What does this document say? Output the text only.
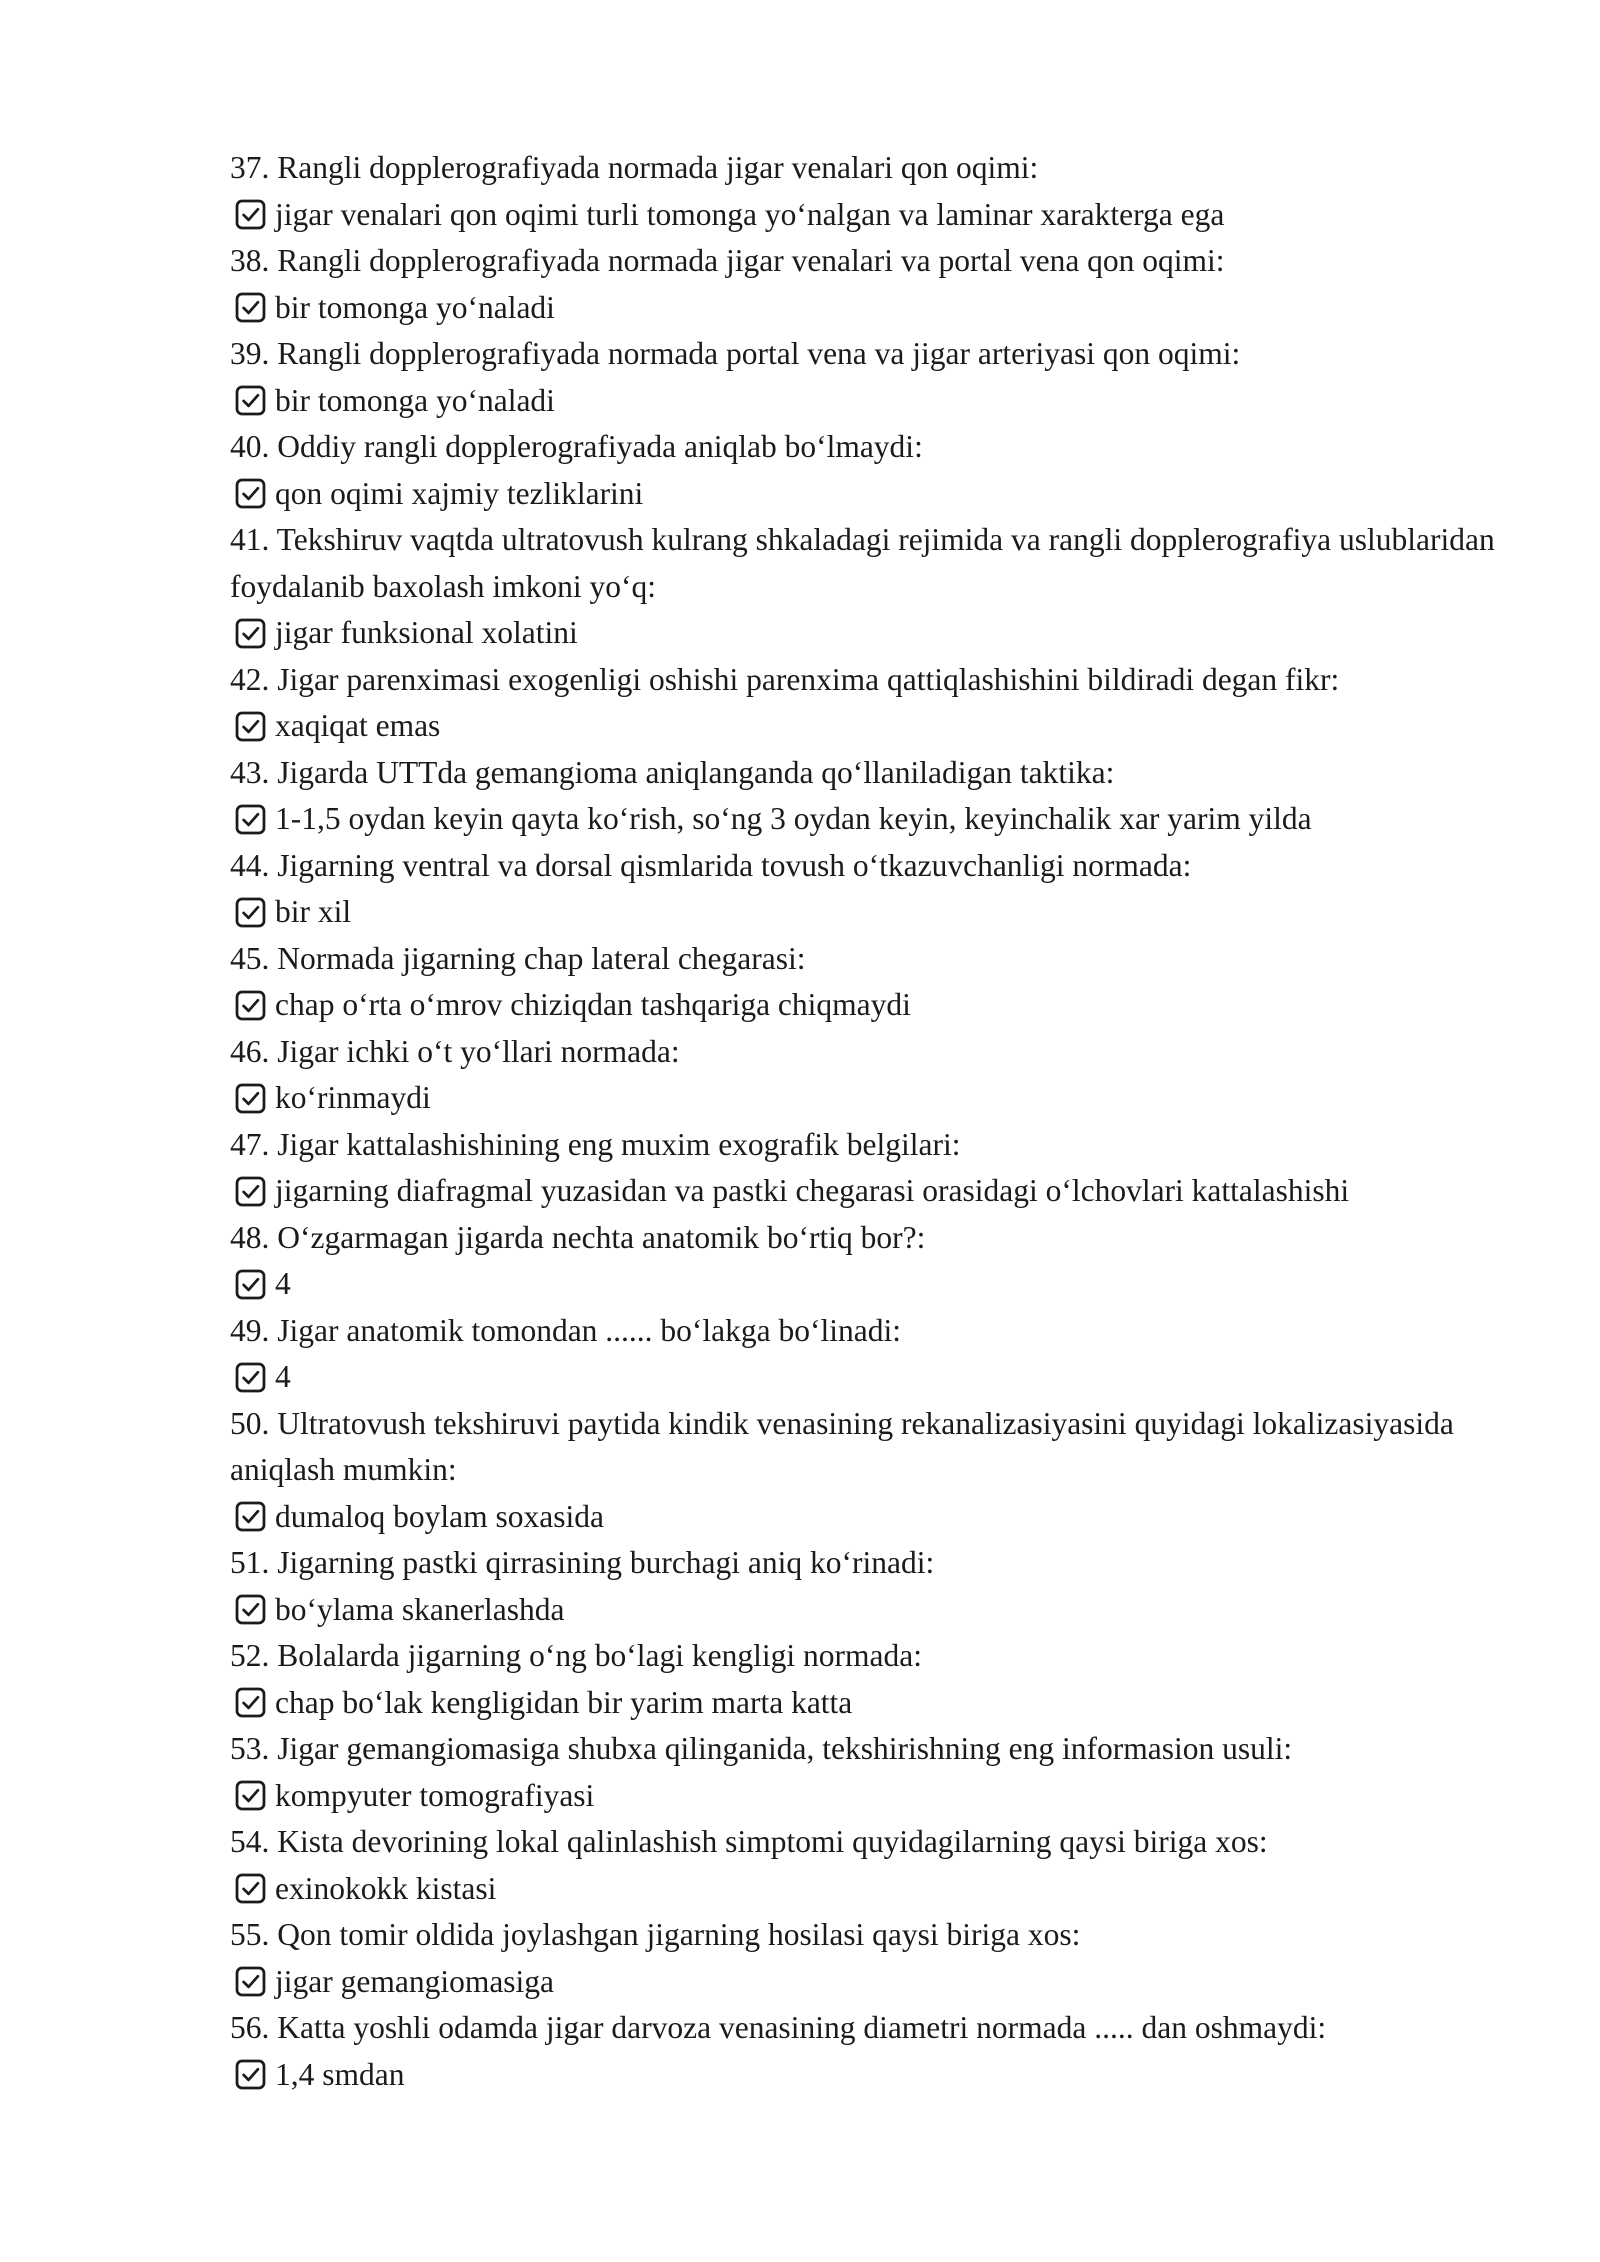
37. Rangli dopplerografiyada normada jigar venalari qon oqimi:

jigar venalari qon oqimi turli tomonga yo‘nalgan va laminar xarakterga ega

38. Rangli dopplerografiyada normada jigar venalari va portal vena qon oqimi:

bir tomonga yo‘naladi

39. Rangli dopplerografiyada normada portal vena va jigar arteriyasi qon oqimi:

bir tomonga yo‘naladi

40. Oddiy rangli dopplerografiyada aniqlab bo‘lmaydi:

qon oqimi xajmiy tezliklarini

41. Tekshiruv vaqtda ultratovush kulrang shkaladagi rejimida va rangli dopplerografiya uslublaridan foydalanib baxolash imkoni yo‘q:

jigar funksional xolatini

42. Jigar parenximasi exogenligi oshishi parenxima qattiqlashishini bildiradi degan fikr:

xaqiqat emas

43. Jigarda UTTda gemangioma aniqlanganda qo‘llaniladigan taktika:

1-1,5 oydan keyin qayta ko‘rish, so‘ng 3 oydan keyin, keyinchalik xar yarim yilda

44. Jigarning ventral va dorsal qismlarida tovush o‘tkazuvchanligi normada:

bir xil

45. Normada jigarning chap lateral chegarasi:

chap o‘rta o‘mrov chiziqdan tashqariga chiqmaydi

46. Jigar ichki o‘t yo‘llari normada:

ko‘rinmaydi

47. Jigar kattalashishining eng muxim exografik belgilari:

jigarning diafragmal yuzasidan va pastki chegarasi orasidagi o‘lchovlari kattalashishi

48. O‘zgarmagan jigarda nechta anatomik bo‘rtiq bor?:

4

49. Jigar anatomik tomondan ...... bo‘lakga bo‘linadi:

4

50. Ultratovush tekshiruvi paytida kindik venasining rekanalizasiyasini quyidagi lokalizasiyasida aniqlash mumkin:

dumaloq boylam soxasida

51. Jigarning pastki qirrasining burchagi aniq ko‘rinadi:

bo‘ylama skanerlashda

52. Bolalarda jigarning o‘ng bo‘lagi kengligi normada:

chap bo‘lak kengligidan bir yarim marta katta

53. Jigar gemangiomasiga shubxa qilinganida, tekshirishning eng informasion usuli:

kompyuter tomografiyasi

54. Kista devorining lokal qalinlashish simptomi quyidagilarning qaysi biriga xos:

exinokokk kistasi

55. Qon tomir oldida joylashgan jigarning hosilasi qaysi biriga xos:

jigar gemangiomasiga

56. Katta yoshli odamda jigar darvoza venasining diametri normada ..... dan oshmaydi:

1,4 smdan
